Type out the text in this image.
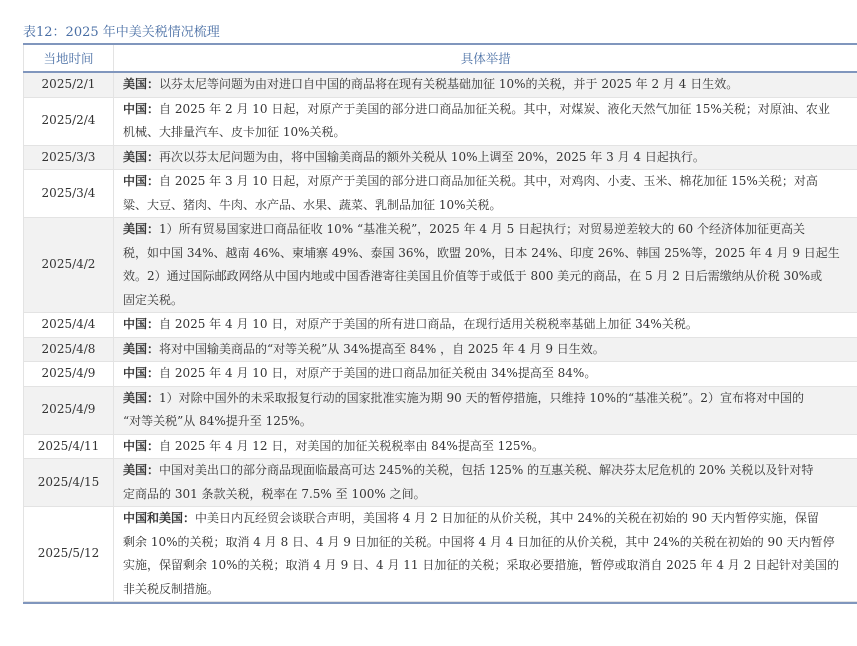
表12：2025 年中美关税情况梳理
当地时间	具体举措
2025/2/1	美国：以芬太尼等问题为由对进口自中国的商品将在现有关税基础加征 10%的关税，并于 2025 年 2 月 4 日生效。

2025/2/4	中国：自 2025 年 2 月 10 日起，对原产于美国的部分进口商品加征关税。其中，对煤炭、液化天然气加征 15%关税；对原油、农业
机械、大排量汽车、皮卡加征 10%关税。

2025/3/3	美国：再次以芬太尼问题为由，将中国输美商品的额外关税从 10%上调至 20%，2025 年 3 月 4 日起执行。

2025/3/4	中国：自 2025 年 3 月 10 日起，对原产于美国的部分进口商品加征关税。其中，对鸡肉、小麦、玉米、棉花加征 15%关税；对高
粱、大豆、猪肉、牛肉、水产品、水果、蔬菜、乳制品加征 10%关税。

2025/4/2	美国：1）所有贸易国家进口商品征收 10% “基准关税”，2025 年 4 月 5 日起执行；对贸易逆差较大的 60 个经济体加征更高关
税，如中国 34%、越南 46%、柬埔寨 49%、泰国 36%，欧盟 20%，日本 24%、印度 26%、韩国 25%等，2025 年 4 月 9 日起生
效。2）通过国际邮政网络从中国内地或中国香港寄往美国且价值等于或低于 800 美元的商品，在 5 月 2 日后需缴纳从价税 30%或
固定关税。

2025/4/4	中国：自 2025 年 4 月 10 日，对原产于美国的所有进口商品，在现行适用关税税率基础上加征 34%关税。

2025/4/8	美国：将对中国输美商品的“对等关税”从 34%提高至 84% ，自 2025 年 4 月 9 日生效。

2025/4/9	中国：自 2025 年 4 月 10 日，对原产于美国的进口商品加征关税由 34%提高至 84%。

2025/4/9	美国：1）对除中国外的未采取报复行动的国家批准实施为期 90 天的暂停措施，只维持 10%的“基准关税”。2）宣布将对中国的
“对等关税”从 84%提升至 125%。

2025/4/11	中国：自 2025 年 4 月 12 日，对美国的加征关税税率由 84%提高至 125%。

2025/4/15	美国：中国对美出口的部分商品现面临最高可达 245%的关税，包括 125% 的互惠关税、解决芬太尼危机的 20% 关税以及针对特
定商品的 301 条款关税，税率在 7.5% 至 100% 之间。

2025/5/12	中国和美国：中美日内瓦经贸会谈联合声明，美国将 4 月 2 日加征的从价关税，其中 24%的关税在初始的 90 天内暂停实施，保留
剩余 10%的关税；取消 4 月 8 日、4 月 9 日加征的关税。中国将 4 月 4 日加征的从价关税，其中 24%的关税在初始的 90 天内暂停
实施，保留剩余 10%的关税；取消 4 月 9 日、4 月 11 日加征的关税；采取必要措施，暂停或取消自 2025 年 4 月 2 日起针对美国的
非关税反制措施。
